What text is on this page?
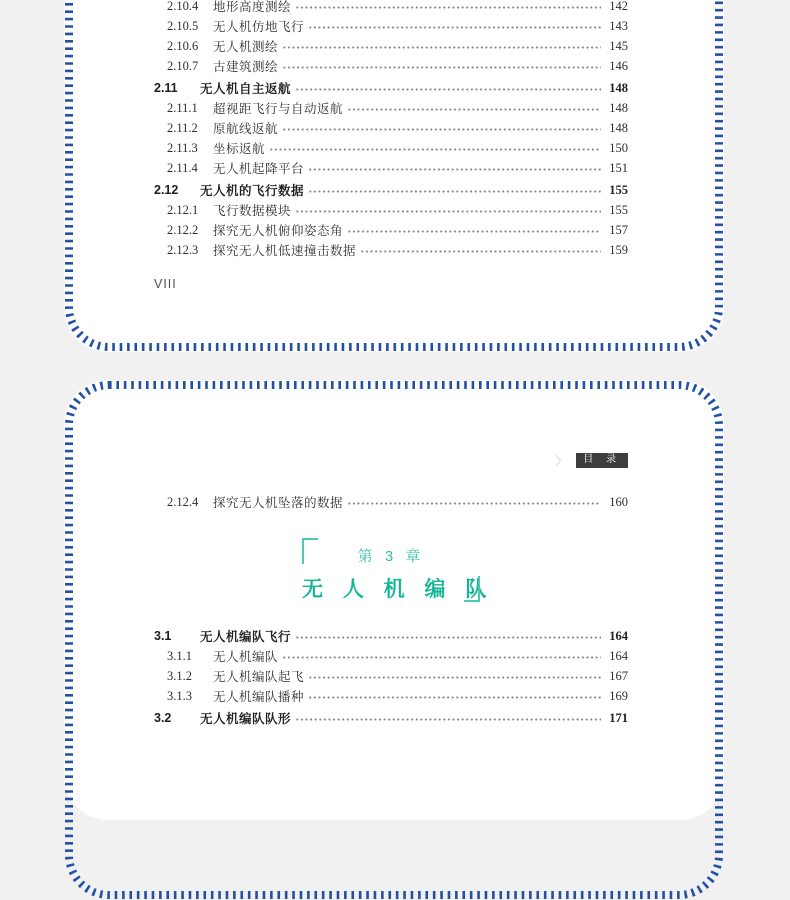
2.10.4	地形高度测绘	142
2.10.5	无人机仿地飞行	143
2.10.6	无人机测绘	145
2.10.7	古建筑测绘	146
2.11	无人机自主返航	148
2.11.1	超视距飞行与自动返航	148
2.11.2	原航线返航	148
2.11.3	坐标返航	150
2.11.4	无人机起降平台	151
2.12	无人机的飞行数据	155
2.12.1	飞行数据模块	155
2.12.2	探究无人机俯仰姿态角	157
2.12.3	探究无人机低速撞击数据	159
VIII
〉	目 录
2.12.4	探究无人机坠落的数据	160
第 3 章
无 人 机 编 队
3.1	无人机编队飞行	164
3.1.1	无人机编队	164
3.1.2	无人机编队起飞	167
3.1.3	无人机编队播种	169
3.2	无人机编队队形	171
